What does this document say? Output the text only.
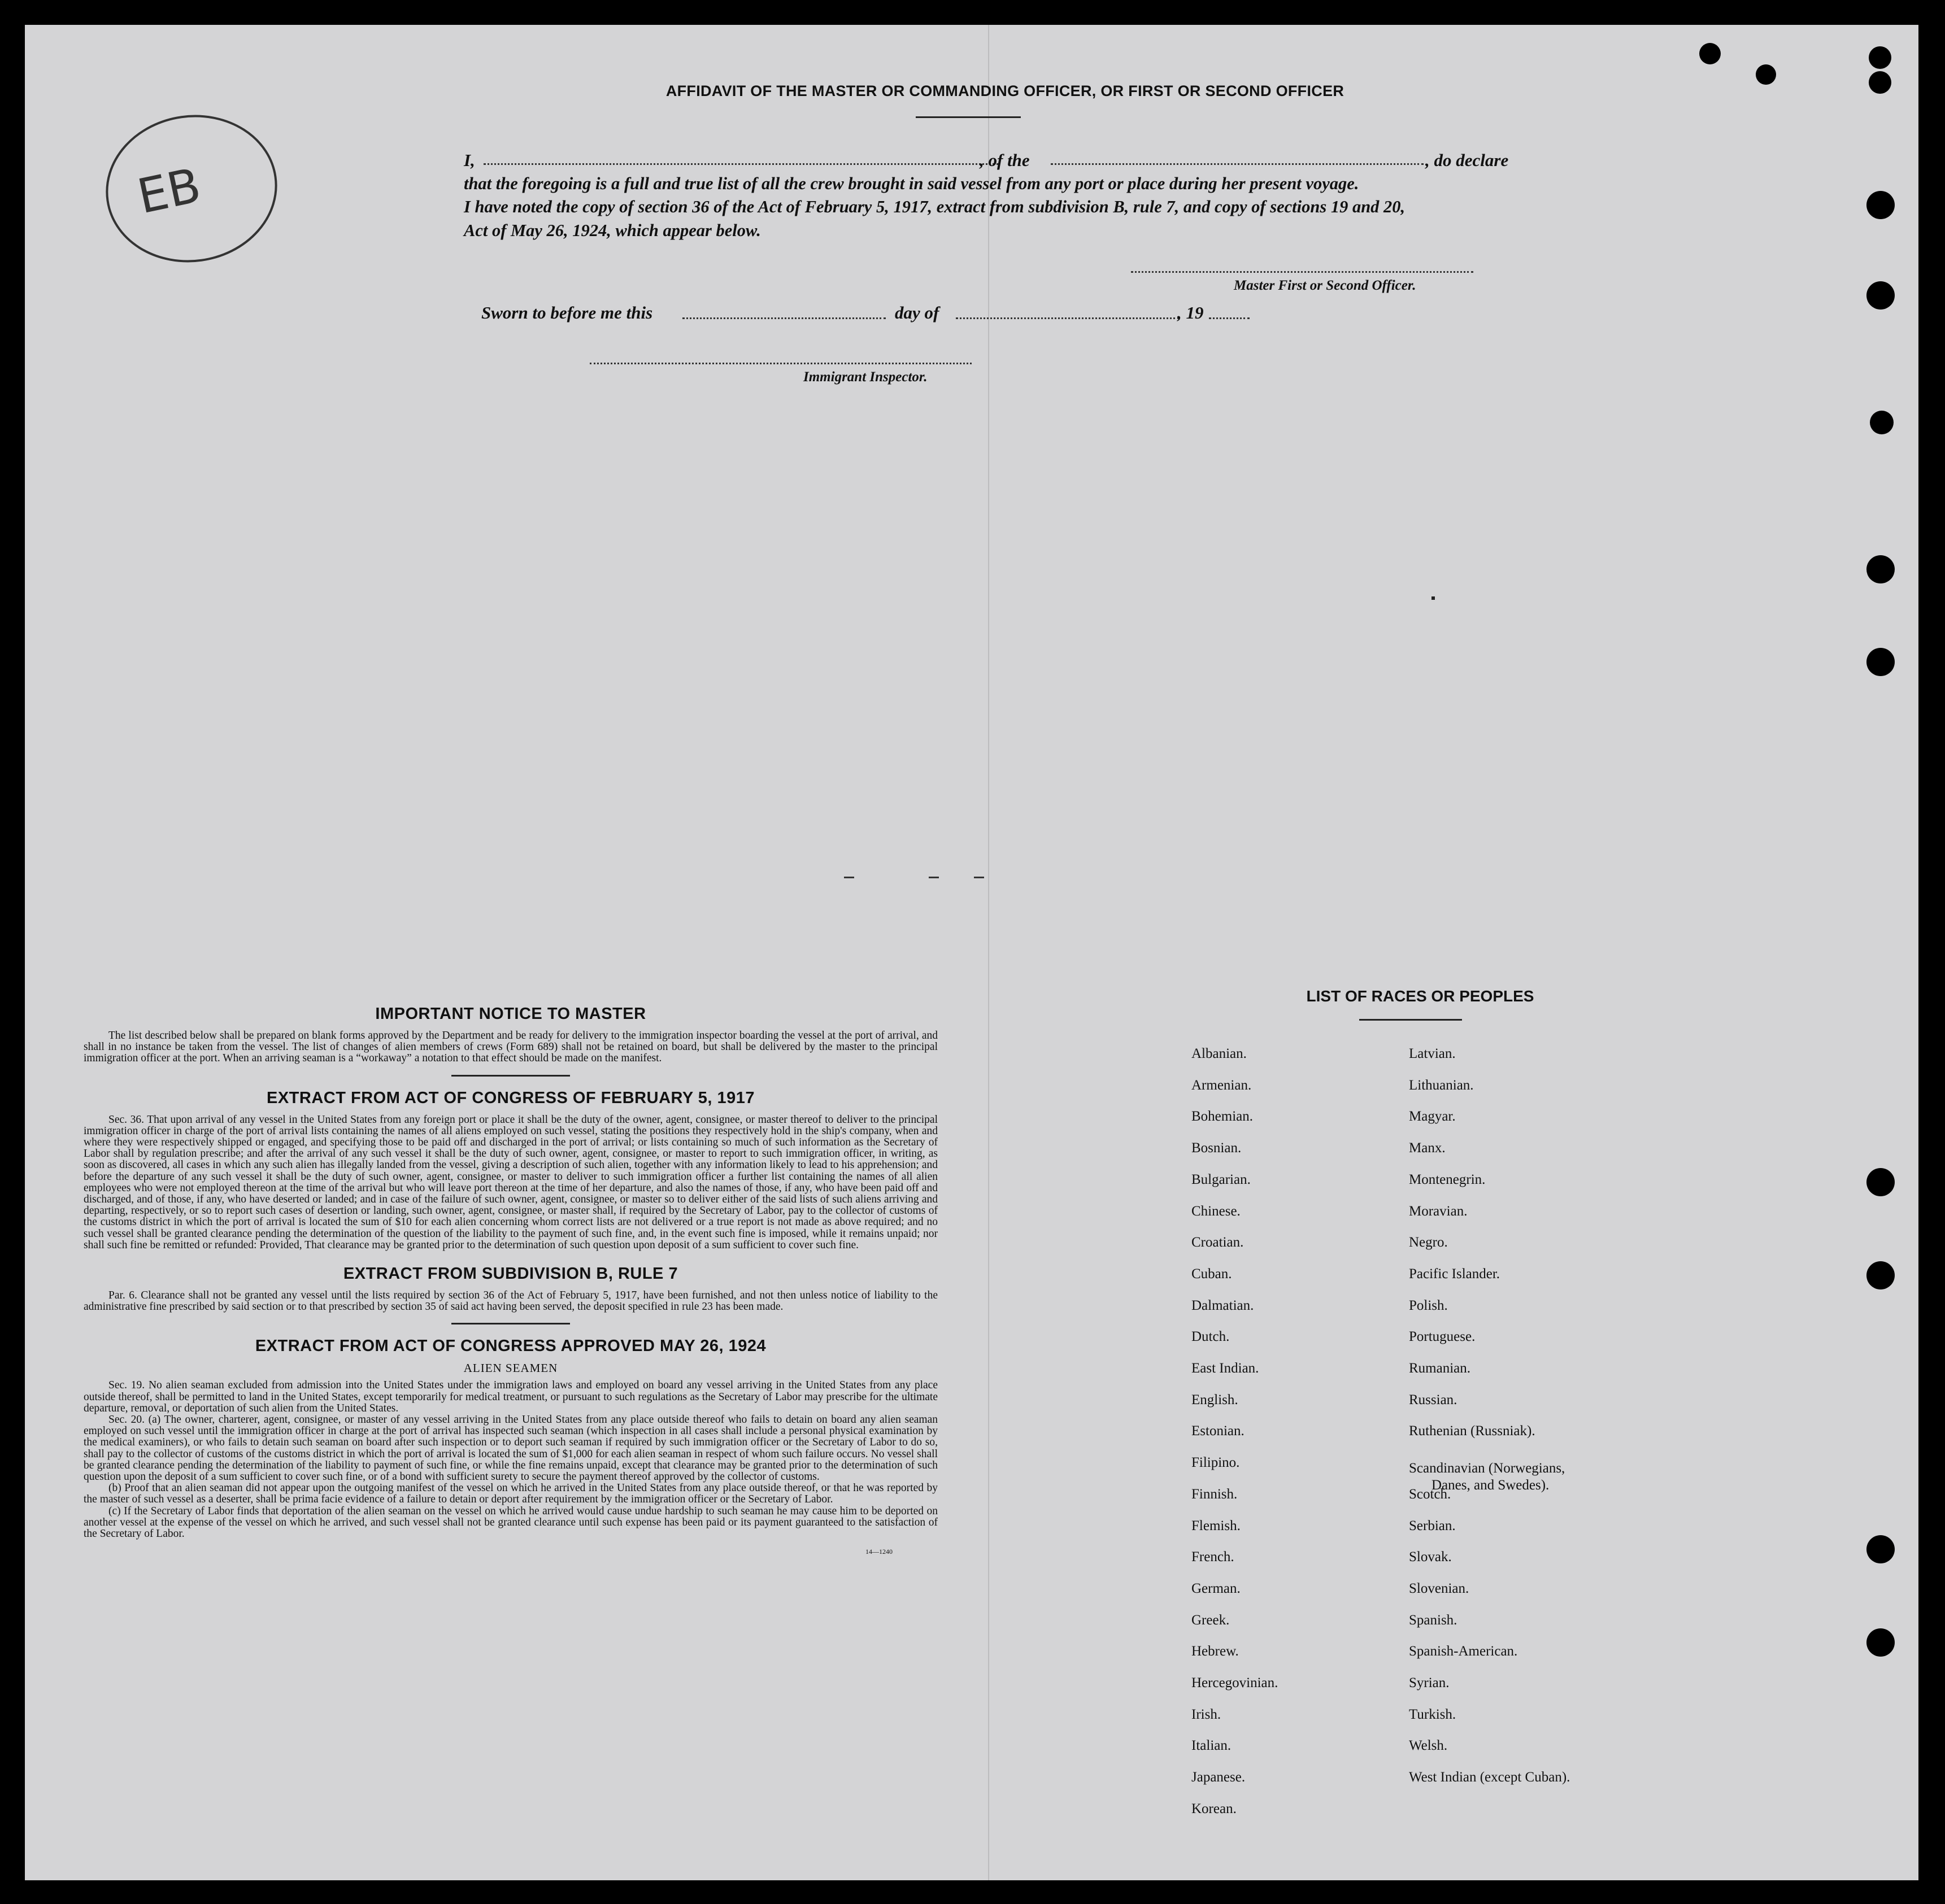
EB
AFFIDAVIT OF THE MASTER OR COMMANDING OFFICER, OR FIRST OR SECOND OFFICER
I,	, of the	, do declare
that the foregoing is a full and true list of all the crew brought in said vessel from any port or place during her present voyage.
I have noted the copy of section 36 of the Act of February 5, 1917, extract from subdivision B, rule 7, and copy of sections 19 and 20,
Act of May 26, 1924, which appear below.
Master First or Second Officer.
Sworn to before me this	day of	, 19
Immigrant Inspector.
IMPORTANT NOTICE TO MASTER

The list described below shall be prepared on blank forms approved by the Department and be ready for delivery to the immigration inspector boarding the vessel at the port of arrival, and shall in no instance be taken from the vessel. The list of changes of alien members of crews (Form 689) shall not be retained on board, but shall be delivered by the master to the principal immigration officer at the port. When an arriving seaman is a “workaway” a notation to that effect should be made on the manifest.

EXTRACT FROM ACT OF CONGRESS OF FEBRUARY 5, 1917

Sec. 36. That upon arrival of any vessel in the United States from any foreign port or place it shall be the duty of the owner, agent, consignee, or master thereof to deliver to the principal immigration officer in charge of the port of arrival lists containing the names of all aliens employed on such vessel, stating the positions they respectively hold in the ship's company, when and where they were respectively shipped or engaged, and specifying those to be paid off and discharged in the port of arrival; or lists containing so much of such information as the Secretary of Labor shall by regulation prescribe; and after the arrival of any such vessel it shall be the duty of such owner, agent, consignee, or master to report to such immigration officer, in writing, as soon as discovered, all cases in which any such alien has illegally landed from the vessel, giving a description of such alien, together with any information likely to lead to his apprehension; and before the departure of any such vessel it shall be the duty of such owner, agent, consignee, or master to deliver to such immigration officer a further list containing the names of all alien employees who were not employed thereon at the time of the arrival but who will leave port thereon at the time of her departure, and also the names of those, if any, who have been paid off and discharged, and of those, if any, who have deserted or landed; and in case of the failure of such owner, agent, consignee, or master so to deliver either of the said lists of such aliens arriving and departing, respectively, or so to report such cases of desertion or landing, such owner, agent, consignee, or master shall, if required by the Secretary of Labor, pay to the collector of customs of the customs district in which the port of arrival is located the sum of $10 for each alien concerning whom correct lists are not delivered or a true report is not made as above required; and no such vessel shall be granted clearance pending the determination of the question of the liability to the payment of such fine, and, in the event such fine is imposed, while it remains unpaid; nor shall such fine be remitted or refunded: Provided, That clearance may be granted prior to the determination of such question upon deposit of a sum sufficient to cover such fine.

EXTRACT FROM SUBDIVISION B, RULE 7

Par. 6. Clearance shall not be granted any vessel until the lists required by section 36 of the Act of February 5, 1917, have been furnished, and not then unless notice of liability to the administrative fine prescribed by said section or to that prescribed by section 35 of said act having been served, the deposit specified in rule 23 has been made.

EXTRACT FROM ACT OF CONGRESS APPROVED MAY 26, 1924
ALIEN SEAMEN

Sec. 19. No alien seaman excluded from admission into the United States under the immigration laws and employed on board any vessel arriving in the United States from any place outside thereof, shall be permitted to land in the United States, except temporarily for medical treatment, or pursuant to such regulations as the Secretary of Labor may prescribe for the ultimate departure, removal, or deportation of such alien from the United States.

Sec. 20. (a) The owner, charterer, agent, consignee, or master of any vessel arriving in the United States from any place outside thereof who fails to detain on board any alien seaman employed on such vessel until the immigration officer in charge at the port of arrival has inspected such seaman (which inspection in all cases shall include a personal physical examination by the medical examiners), or who fails to detain such seaman on board after such inspection or to deport such seaman if required by such immigration officer or the Secretary of Labor to do so, shall pay to the collector of customs of the customs district in which the port of arrival is located the sum of $1,000 for each alien seaman in respect of whom such failure occurs. No vessel shall be granted clearance pending the determination of the liability to payment of such fine, or while the fine remains unpaid, except that clearance may be granted prior to the determination of such question upon the deposit of a sum sufficient to cover such fine, or of a bond with sufficient surety to secure the payment thereof approved by the collector of customs.

(b) Proof that an alien seaman did not appear upon the outgoing manifest of the vessel on which he arrived in the United States from any place outside thereof, or that he was reported by the master of such vessel as a deserter, shall be prima facie evidence of a failure to detain or deport after requirement by the immigration officer or the Secretary of Labor.

(c) If the Secretary of Labor finds that deportation of the alien seaman on the vessel on which he arrived would cause undue hardship to such seaman he may cause him to be deported on another vessel at the expense of the vessel on which he arrived, and such vessel shall not be granted clearance until such expense has been paid or its payment guaranteed to the satisfaction of the Secretary of Labor.

14—1240
LIST OF RACES OR PEOPLES
Albanian.
Armenian.
Bohemian.
Bosnian.
Bulgarian.
Chinese.
Croatian.
Cuban.
Dalmatian.
Dutch.
East Indian.
English.
Estonian.
Filipino.
Finnish.
Flemish.
French.
German.
Greek.
Hebrew.
Hercegovinian.
Irish.
Italian.
Japanese.
Korean.
Latvian.
Lithuanian.
Magyar.
Manx.
Montenegrin.
Moravian.
Negro.
Pacific Islander.
Polish.
Portuguese.
Rumanian.
Russian.
Ruthenian (Russniak).
Scandinavian (Norwegians,
Danes, and Swedes).
Scotch.
Serbian.
Slovak.
Slovenian.
Spanish.
Spanish-American.
Syrian.
Turkish.
Welsh.
West Indian (except Cuban).
